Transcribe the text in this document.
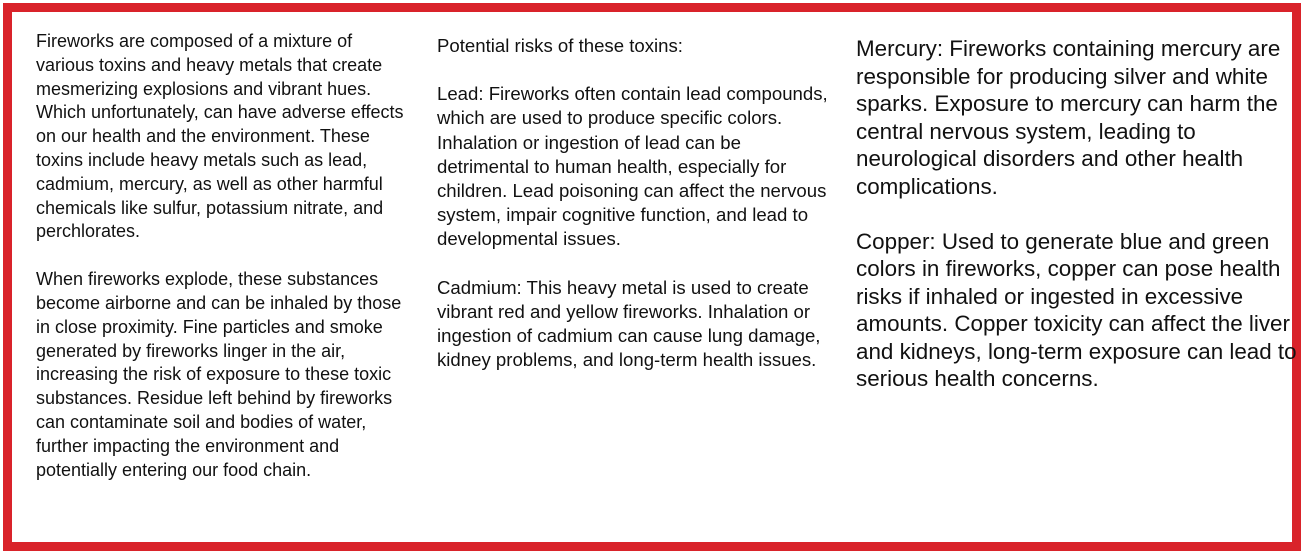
Fireworks are composed of a mixture of various toxins and heavy metals that create mesmerizing explosions and vibrant hues. Which unfortunately, can have adverse effects on our health and the environment. These toxins include heavy metals such as lead, cadmium, mercury, as well as other harmful chemicals like sulfur, potassium nitrate, and perchlorates.

When fireworks explode, these substances become airborne and can be inhaled by those in close proximity. Fine particles and smoke generated by fireworks linger in the air, increasing the risk of exposure to these toxic substances. Residue left behind by fireworks can contaminate soil and bodies of water, further impacting the environment and potentially entering our food chain.

Potential risks of these toxins:

Lead: Fireworks often contain lead compounds, which are used to produce specific colors. Inhalation or ingestion of lead can be detrimental to human health, especially for children. Lead poisoning can affect the nervous system, impair cognitive function, and lead to developmental issues.

Cadmium: This heavy metal is used to create vibrant red and yellow fireworks. Inhalation or ingestion of cadmium can cause lung damage, kidney problems, and long-term health issues.

Mercury: Fireworks containing mercury are responsible for producing silver and white sparks. Exposure to mercury can harm the central nervous system, leading to neurological disorders and other health complications.

Copper: Used to generate blue and green colors in fireworks, copper can pose health risks if inhaled or ingested in excessive amounts. Copper toxicity can affect the liver and kidneys, long-term exposure can lead to serious health concerns.
